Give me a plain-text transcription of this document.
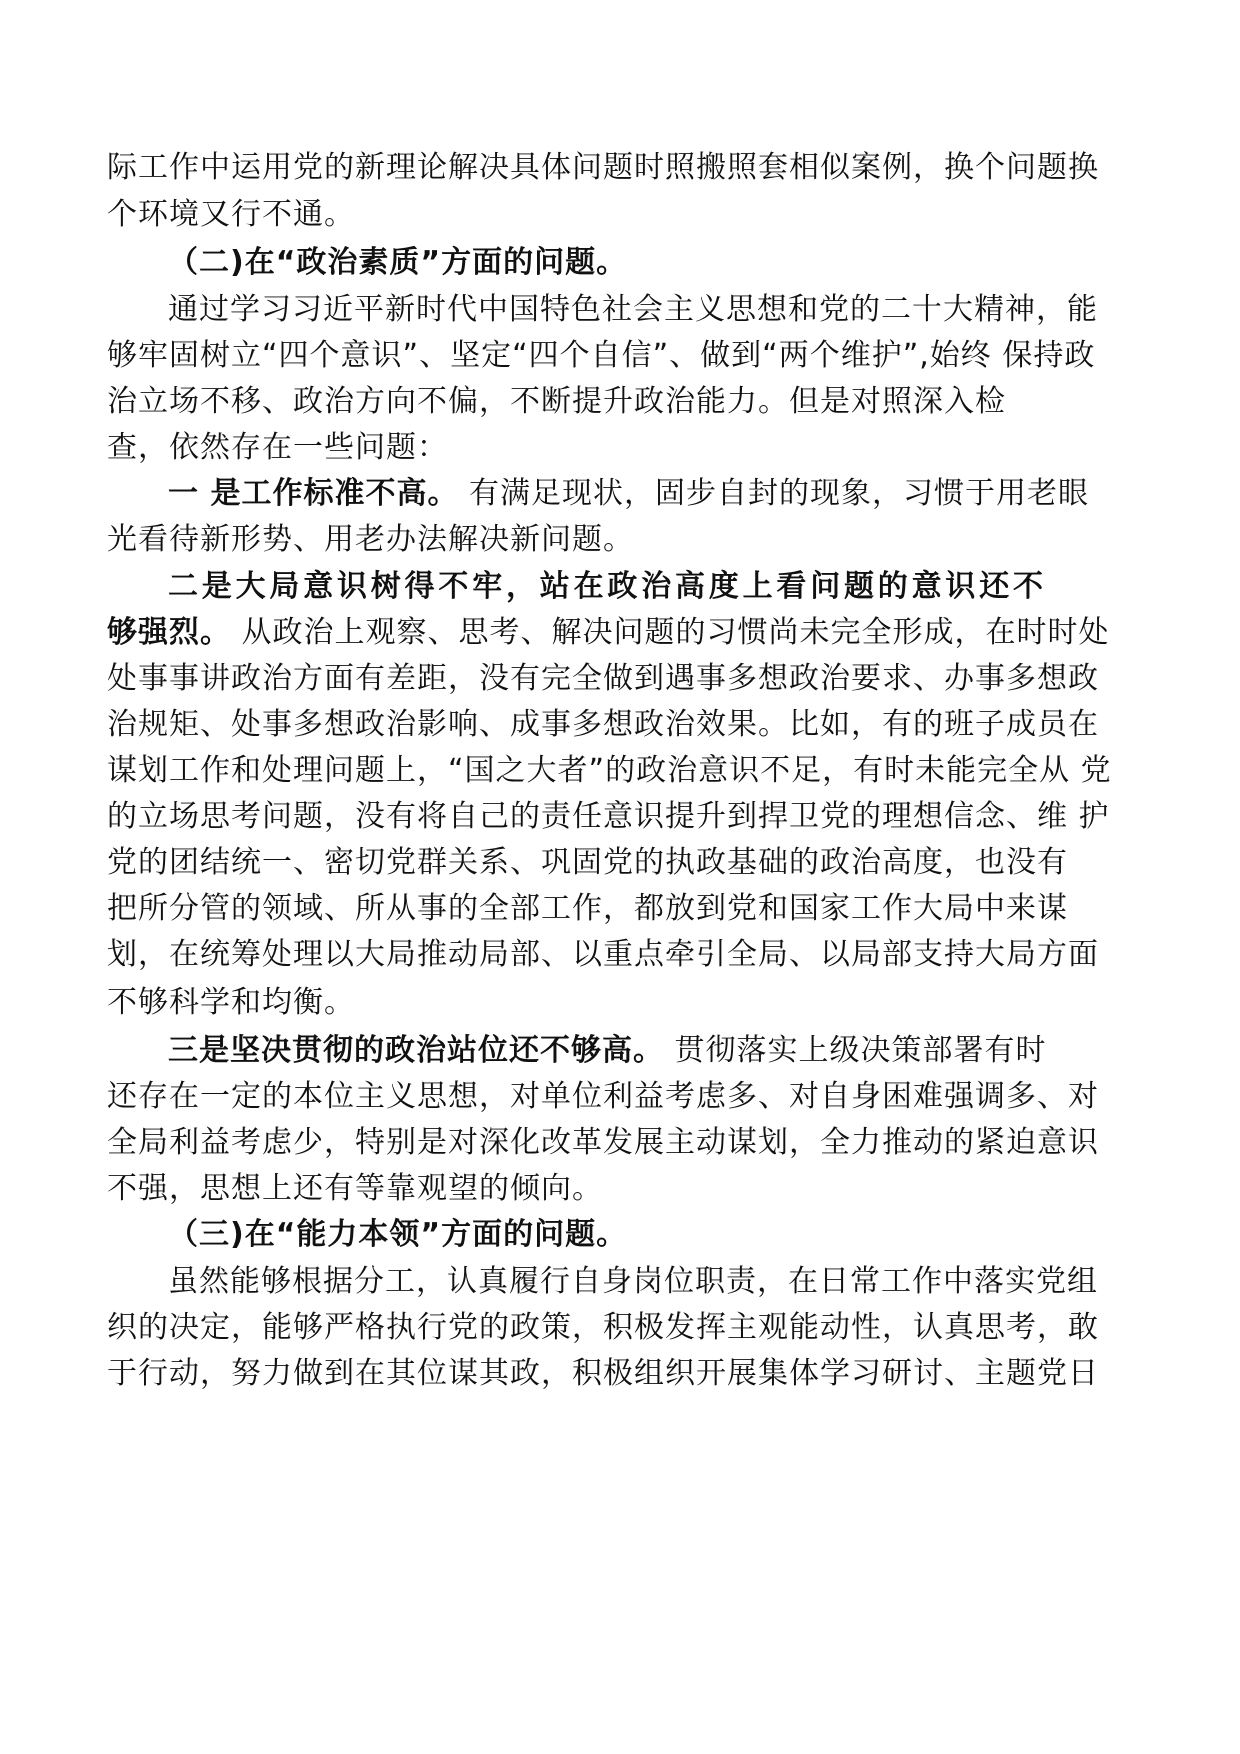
际工作中运用党的新理论解决具体问题时照搬照套相似案例，换个问题换
个环境又行不通。
（二)在“政治素质”方面的问题。
通过学习习近平新时代中国特色社会主义思想和党的二十大精神，能
够牢固树立“四个意识”、坚定“四个自信”、做到“两个维护”,始终 保持政
治立场不移、政治方向不偏，不断提升政治能力。但是对照深入检
查，依然存在一些问题：
一 是工作标准不高。 有满足现状，固步自封的现象，习惯于用老眼
光看待新形势、用老办法解决新问题。
二是大局意识树得不牢，站在政治高度上看问题的意识还不
够强烈。 从政治上观察、思考、解决问题的习惯尚未完全形成，在时时处
处事事讲政治方面有差距，没有完全做到遇事多想政治要求、办事多想政
治规矩、处事多想政治影响、成事多想政治效果。比如，有的班子成员在
谋划工作和处理问题上，“国之大者”的政治意识不足，有时未能完全从 党
的立场思考问题，没有将自己的责任意识提升到捍卫党的理想信念、维 护
党的团结统一、密切党群关系、巩固党的执政基础的政治高度，也没有
把所分管的领域、所从事的全部工作，都放到党和国家工作大局中来谋
划，在统筹处理以大局推动局部、以重点牵引全局、以局部支持大局方面
不够科学和均衡。
三是坚决贯彻的政治站位还不够高。 贯彻落实上级决策部署有时
还存在一定的本位主义思想，对单位利益考虑多、对自身困难强调多、对
全局利益考虑少，特别是对深化改革发展主动谋划，全力推动的紧迫意识
不强，思想上还有等靠观望的倾向。
（三)在“能力本领”方面的问题。
虽然能够根据分工，认真履行自身岗位职责，在日常工作中落实党组
织的决定，能够严格执行党的政策，积极发挥主观能动性，认真思考，敢
于行动，努力做到在其位谋其政，积极组织开展集体学习研讨、主题党日
